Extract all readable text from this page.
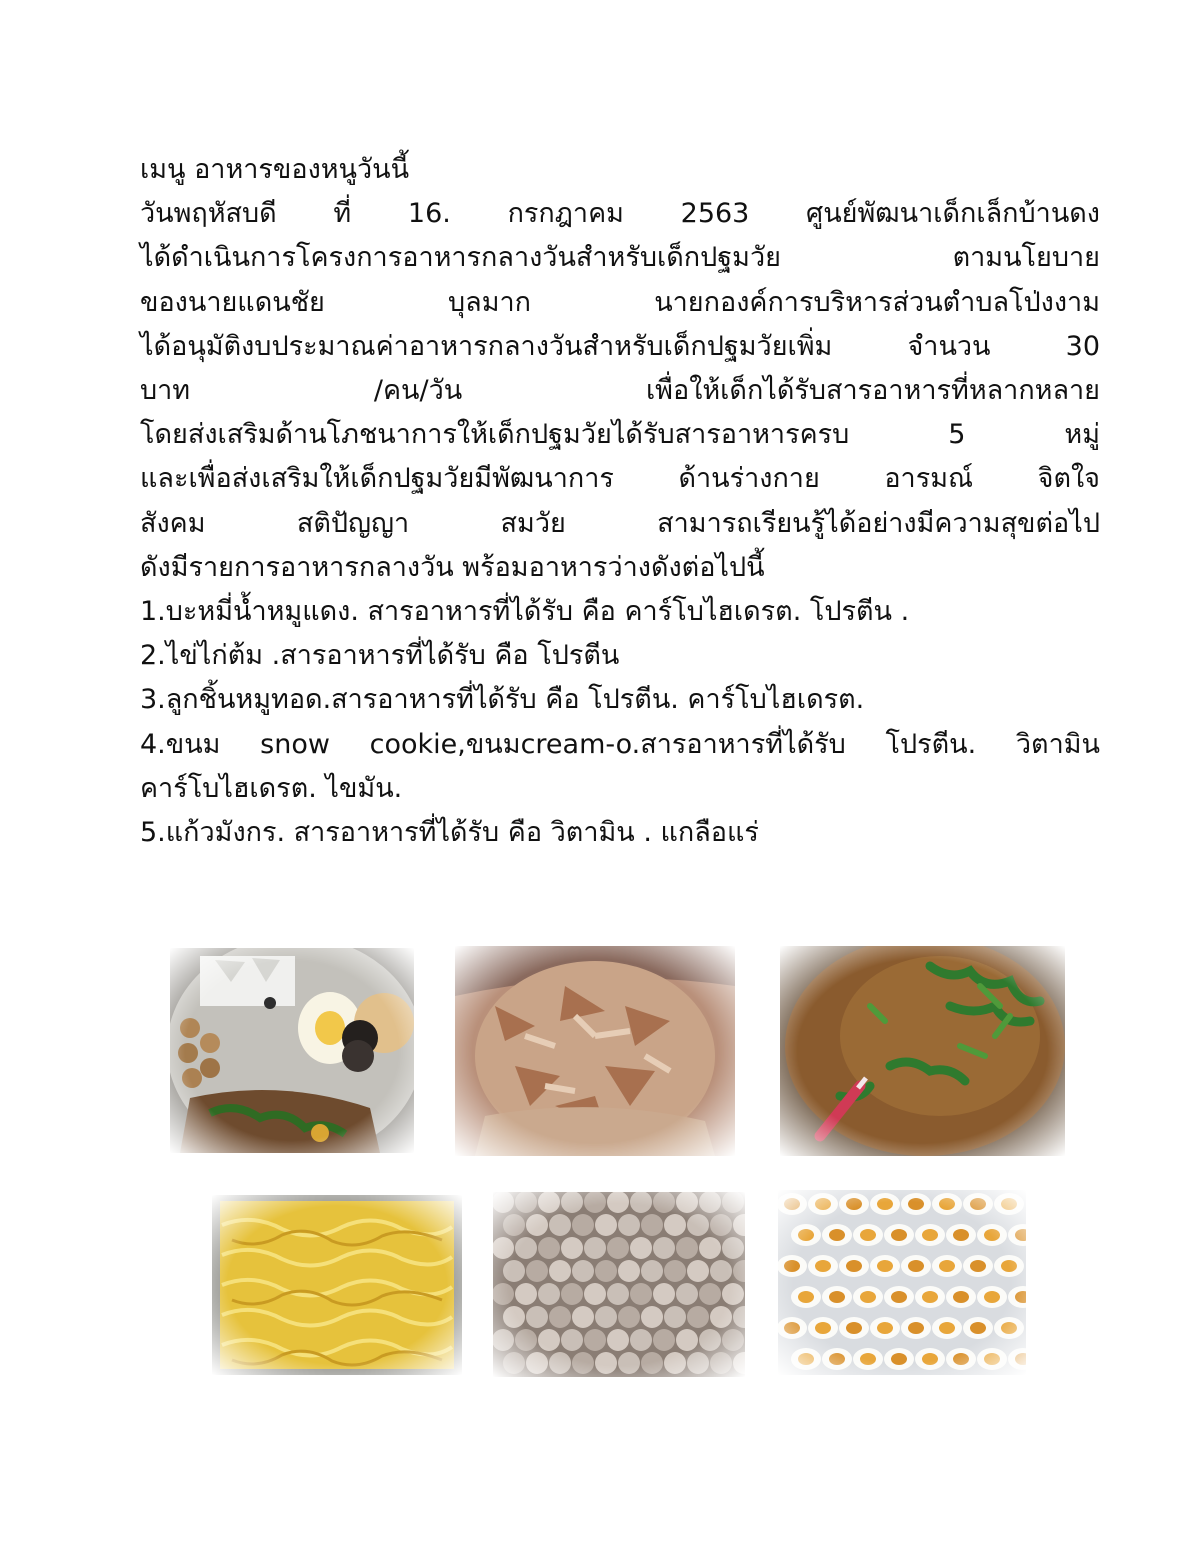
เมนู อาหารของหนูวันนี้

วันพฤหัสบดี ที่ 16. กรกฎาคม 2563 ศูนย์พัฒนาเด็กเล็กบ้านดง

ได้ดำเนินการโครงการอาหารกลางวันสำหรับเด็กปฐมวัย ตามนโยบาย

ของนายแดนชัย บุลมาก นายกองค์การบริหารส่วนตำบลโป่งงาม

ได้อนุมัติงบประมาณค่าอาหารกลางวันสำหรับเด็กปฐมวัยเพิ่ม จำนวน 30

บาท /คน/วัน เพื่อให้เด็กได้รับสารอาหารที่หลากหลาย

โดยส่งเสริมด้านโภชนาการให้เด็กปฐมวัยได้รับสารอาหารครบ 5 หมู่

และเพื่อส่งเสริมให้เด็กปฐมวัยมีพัฒนาการ ด้านร่างกาย อารมณ์ จิตใจ

สังคม สติปัญญา สมวัย สามารถเรียนรู้ได้อย่างมีความสุขต่อไป

ดังมีรายการอาหารกลางวัน พร้อมอาหารว่างดังต่อไปนี้

1.บะหมี่น้ำหมูแดง. สารอาหารที่ได้รับ คือ คาร์โบไฮเดรต. โปรตีน .

2.ไข่ไก่ต้ม .สารอาหารที่ได้รับ คือ โปรตีน

3.ลูกชิ้นหมูทอด.สารอาหารที่ได้รับ คือ โปรตีน. คาร์โบไฮเดรต.

4.ขนม snow cookie,ขนมcream-o.สารอาหารที่ได้รับ โปรตีน. วิตามิน

คาร์โบไฮเดรต. ไขมัน.

5.แก้วมังกร. สารอาหารที่ได้รับ คือ วิตามิน . แกลือแร่
